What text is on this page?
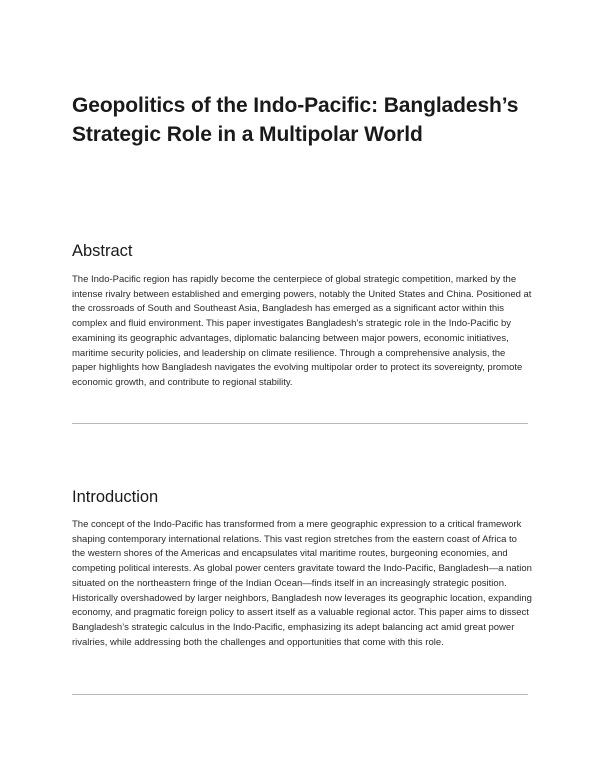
Geopolitics of the Indo-Pacific: Bangladesh’s Strategic Role in a Multipolar World
Abstract

The Indo-Pacific region has rapidly become the centerpiece of global strategic competition, marked by the intense rivalry between established and emerging powers, notably the United States and China. Positioned at the crossroads of South and Southeast Asia, Bangladesh has emerged as a significant actor within this complex and fluid environment. This paper investigates Bangladesh’s strategic role in the Indo-Pacific by examining its geographic advantages, diplomatic balancing between major powers, economic initiatives, maritime security policies, and leadership on climate resilience. Through a comprehensive analysis, the paper highlights how Bangladesh navigates the evolving multipolar order to protect its sovereignty, promote economic growth, and contribute to regional stability.

Introduction

The concept of the Indo-Pacific has transformed from a mere geographic expression to a critical framework shaping contemporary international relations. This vast region stretches from the eastern coast of Africa to the western shores of the Americas and encapsulates vital maritime routes, burgeoning economies, and competing political interests. As global power centers gravitate toward the Indo-Pacific, Bangladesh—a nation situated on the northeastern fringe of the Indian Ocean—finds itself in an increasingly strategic position. Historically overshadowed by larger neighbors, Bangladesh now leverages its geographic location, expanding economy, and pragmatic foreign policy to assert itself as a valuable regional actor. This paper aims to dissect Bangladesh’s strategic calculus in the Indo-Pacific, emphasizing its adept balancing act amid great power rivalries, while addressing both the challenges and opportunities that come with this role.
